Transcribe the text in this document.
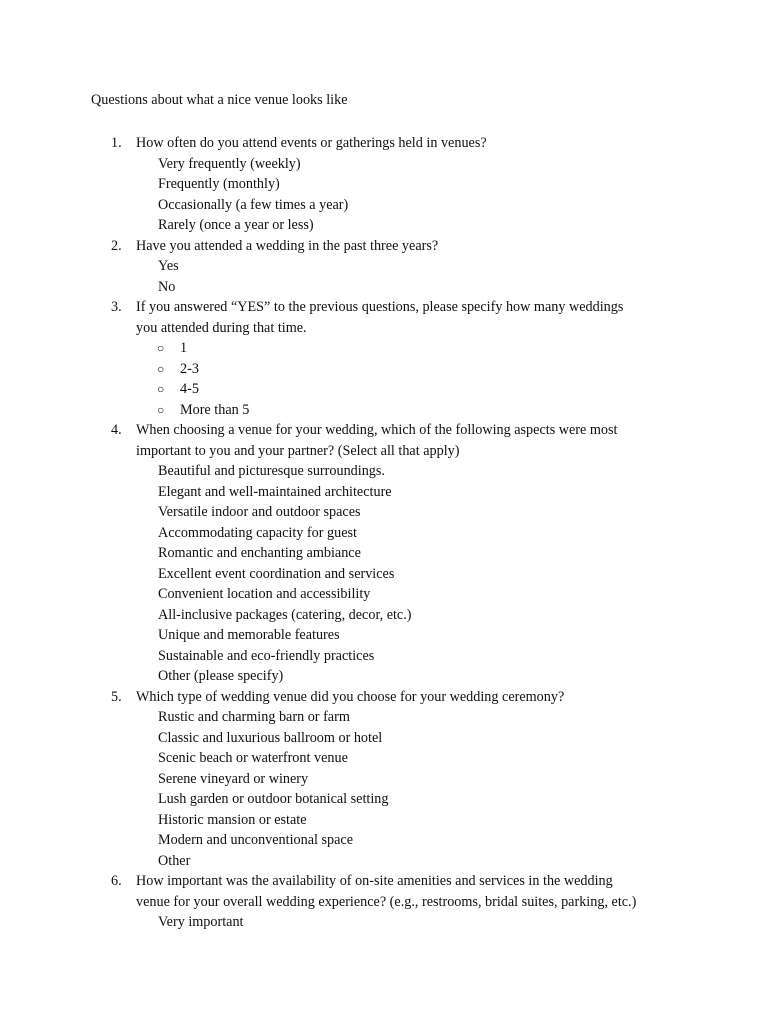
Questions about what a nice venue looks like
1.	How often do you attend events or gatherings held in venues?
Very frequently (weekly)
Frequently (monthly)
Occasionally (a few times a year)
Rarely (once a year or less)
2.	Have you attended a wedding in the past three years?
Yes
No
3.	If you answered “YES” to the previous questions, please specify how many weddings
you attended during that time.
○ 1
○ 2-3
○ 4-5
○ More than 5
4.	When choosing a venue for your wedding, which of the following aspects were most
important to you and your partner? (Select all that apply)
Beautiful and picturesque surroundings.
Elegant and well-maintained architecture
Versatile indoor and outdoor spaces
Accommodating capacity for guest
Romantic and enchanting ambiance
Excellent event coordination and services
Convenient location and accessibility
All-inclusive packages (catering, decor, etc.)
Unique and memorable features
Sustainable and eco-friendly practices
Other (please specify)
5.	Which type of wedding venue did you choose for your wedding ceremony?
Rustic and charming barn or farm
Classic and luxurious ballroom or hotel
Scenic beach or waterfront venue
Serene vineyard or winery
Lush garden or outdoor botanical setting
Historic mansion or estate
Modern and unconventional space
Other
6.	How important was the availability of on-site amenities and services in the wedding
venue for your overall wedding experience? (e.g., restrooms, bridal suites, parking, etc.)
Very important
